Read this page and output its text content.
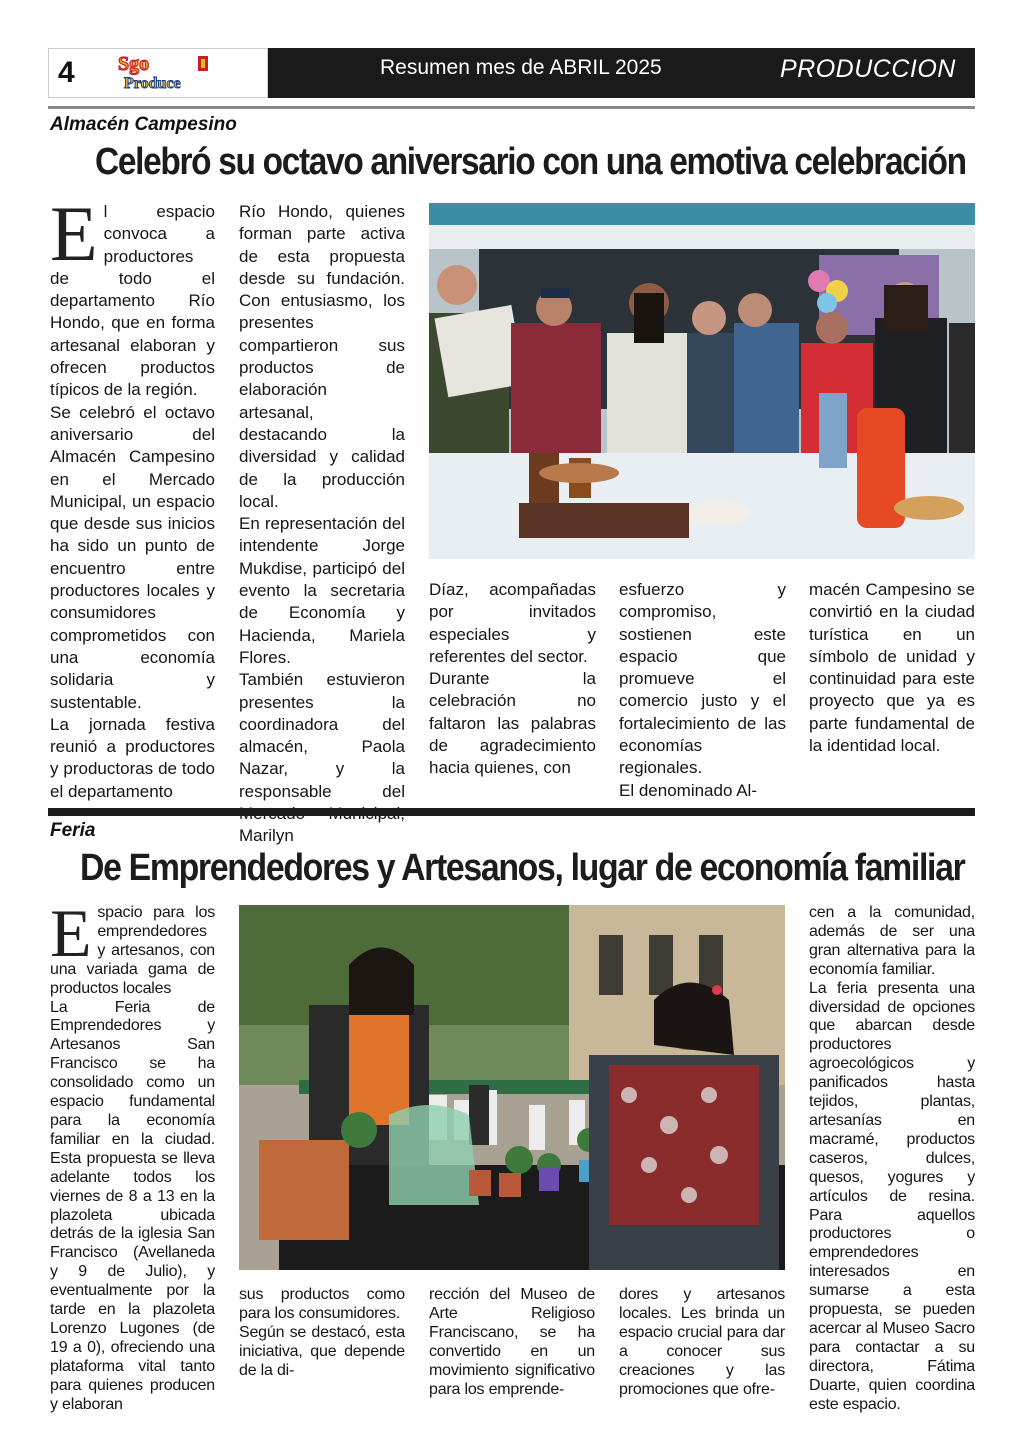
4 Sgo
Produce
Resumen mes de ABRIL 2025	PRODUCCION
Almacén Campesino
Celebró su octavo aniversario con una emotiva celebración
E l espacio convoca a productores de todo el departamento Río Hondo, que en forma artesanal elaboran y ofrecen productos típicos de la región.

Se celebró el octavo aniversario del Almacén Campesino en el Mercado Municipal, un espacio que desde sus inicios ha sido un punto de encuentro entre productores locales y consumidores comprometidos con una economía solidaria y sustentable.

La jornada festiva reunió a productores y productoras de todo el departamento

Río Hondo, quienes forman parte activa de esta propuesta desde su fundación. Con entusiasmo, los presentes compartieron sus productos de elaboración artesanal, destacando la diversidad y calidad de la producción local.

En representación del intendente Jorge Mukdise, participó del evento la secretaria de Economía y Hacienda, Mariela Flores.

También estuvieron presentes la coordinadora del almacén, Paola Nazar, y la responsable del Marilyn

Díaz, acompañadas por invitados especiales y referentes del sector.

Durante la celebración no faltaron las palabras de agradecimiento hacia quienes, con

esfuerzo y compromiso, sostienen este espacio que promueve el comercio justo y el fortalecimiento de las economías regionales.

El denominado Al-

macén Campesino se convirtió en la ciudad turística en un símbolo de unidad y continuidad para este proyecto que ya es parte fundamental de la identidad local.

Feria
De Emprendedores y Artesanos, lugar de economía familiar
E spacio para los emprendedores y artesanos, con una variada gama de productos locales

La Feria de Emprendedores y Artesanos San Francisco se ha consolidado como un espacio fundamental para la economía familiar en la ciudad. Esta propuesta se lleva adelante todos los viernes de 8 a 13 en la plazoleta ubicada detrás de la iglesia San Francisco (Avellaneda y 9 de Julio), y eventualmente por la tarde en la plazoleta Lorenzo Lugones (de 19 a 0), ofreciendo una plataforma vital tanto para quienes producen y elaboran

sus productos como para los consumidores.

Según se destacó, esta iniciativa, que depende de la di-

rección del Museo de Arte Religioso Franciscano, se ha convertido en un movimiento significativo para los emprende-

dores y artesanos locales. Les brinda un espacio crucial para dar a conocer sus creaciones y las promociones que ofre-

cen a la comunidad, además de ser una gran alternativa para la economía familiar.

La feria presenta una diversidad de opciones que abarcan desde productores agroecológicos y panificados hasta tejidos, plantas, artesanías en macramé, productos caseros, dulces, quesos, yogures y artículos de resina. Para aquellos productores o emprendedores interesados en sumarse a esta propuesta, se pueden acercar al Museo Sacro para contactar a su directora, Fátima Duarte, quien coordina este espacio.
